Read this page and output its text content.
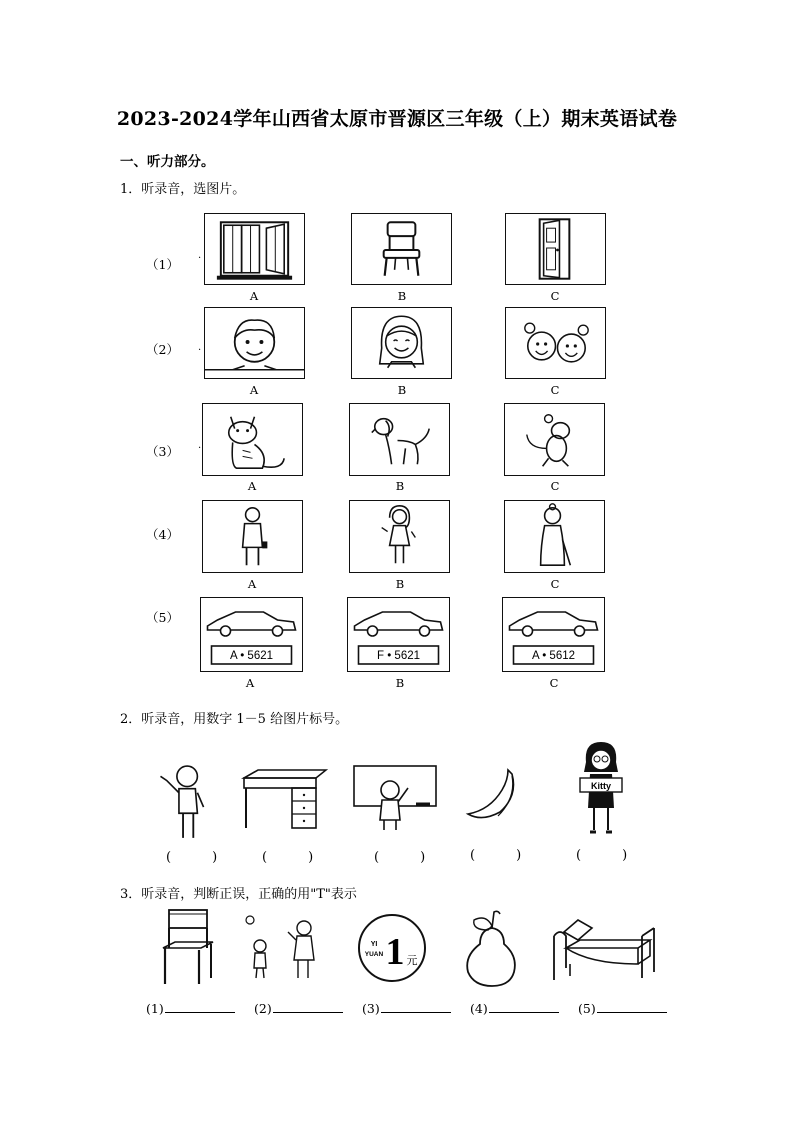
2023-2024学年山西省太原市晋源区三年级（上）期末英语试卷
一、听力部分。
1．听录音，选图片。
（1）
（2）
（3）
（4）
（5）
.
.
.
A	B	C
A	B	C
A	B	C
A	B	C
A • 5621	F • 5621	A • 5612
A	B	C
2．听录音，用数字 1－5 给图片标号。
Kitty
(　) (　)	(　) (　)	(　)
3．听录音，判断正误，正确的用"T"表示
YI
YUAN 1 元
(1)	(2)	(3)	(4)	(5)
